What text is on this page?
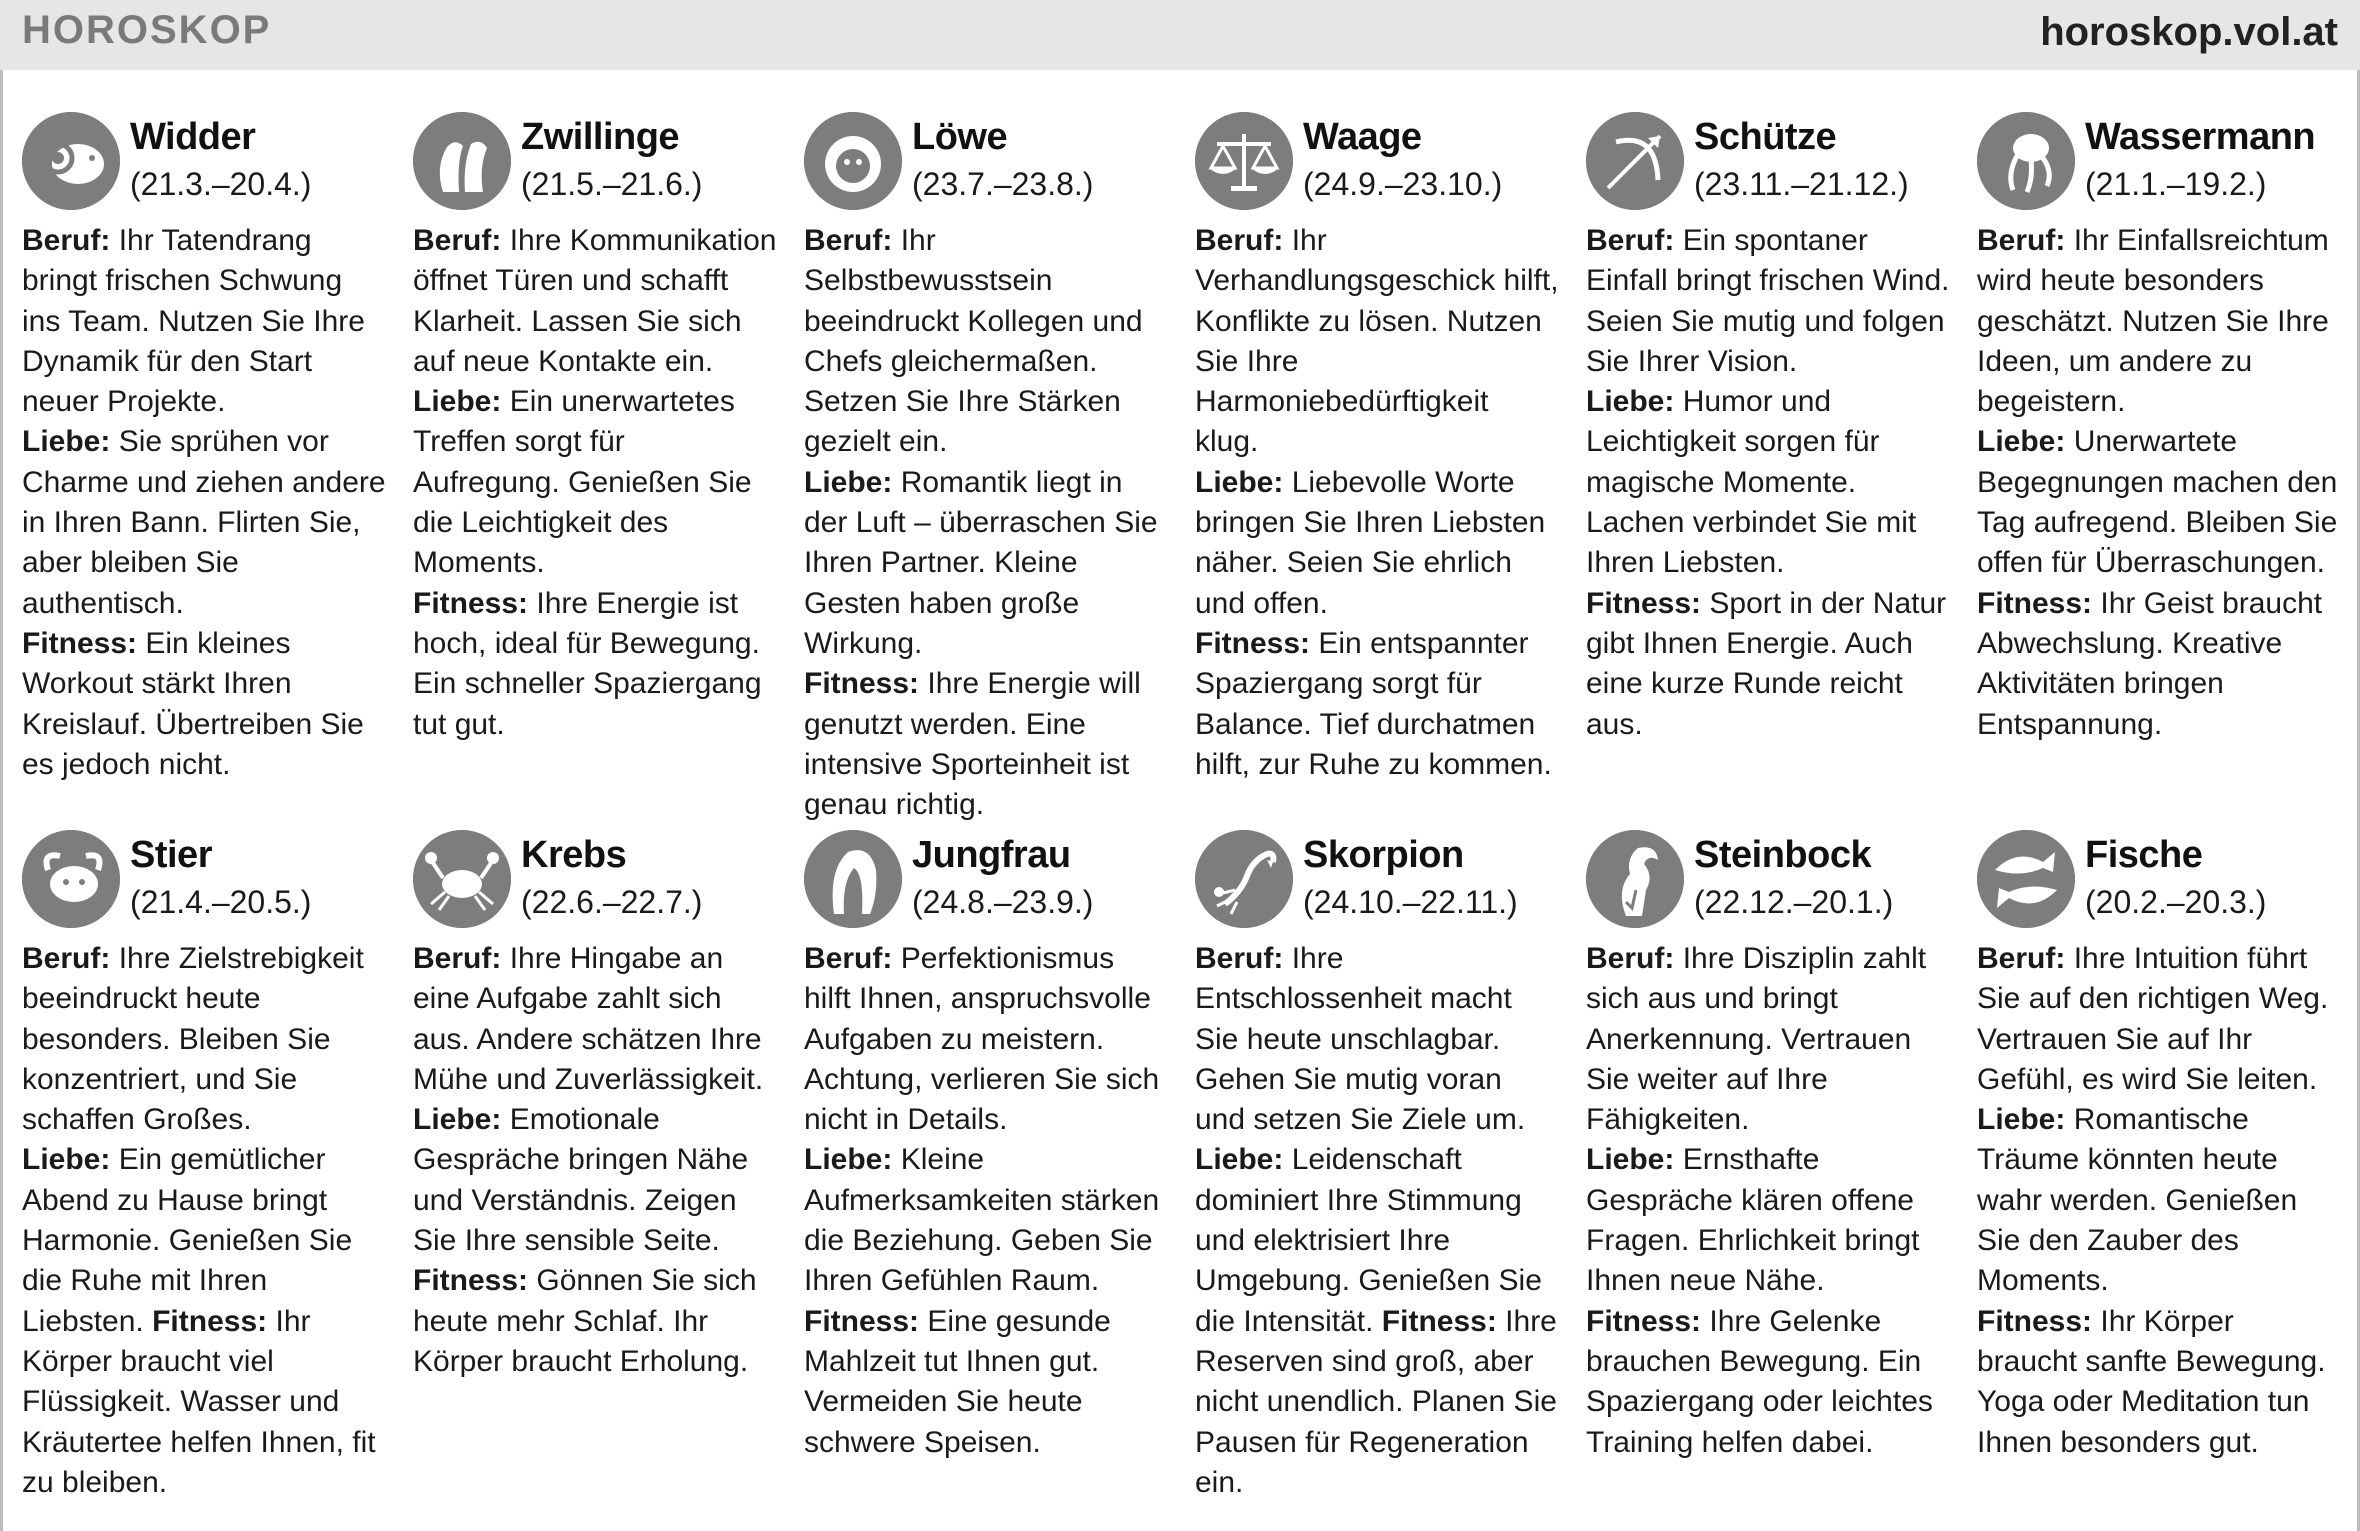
HOROSKOP	horoskop.vol.at
Widder
(21.3.–20.4.)

Beruf: Ihr Tatendrang bringt frischen Schwung ins Team. Nutzen Sie Ihre Dynamik für den Start neuer Projekte.

Liebe: Sie sprühen vor Charme und ziehen andere in Ihren Bann. Flirten Sie, aber bleiben Sie authentisch.

Fitness: Ein kleines Workout stärkt Ihren Kreislauf. Übertreiben Sie es jedoch nicht.

Zwillinge
(21.5.–21.6.)

Beruf: Ihre Kommunikation öffnet Türen und schafft Klarheit. Lassen Sie sich auf neue Kontakte ein.

Liebe: Ein unerwartetes Treffen sorgt für Aufregung. Genießen Sie die Leichtigkeit des Moments.

Fitness: Ihre Energie ist hoch, ideal für Bewegung. Ein schneller Spaziergang tut gut.

Löwe
(23.7.–23.8.)

Beruf: Ihr Selbstbewusstsein beeindruckt Kollegen und Chefs gleichermaßen. Setzen Sie Ihre Stärken gezielt ein.

Liebe: Romantik liegt in der Luft – überraschen Sie Ihren Partner. Kleine Gesten haben große Wirkung.

Fitness: Ihre Energie will genutzt werden. Eine intensive Sporteinheit ist genau richtig.

Waage
(24.9.–23.10.)

Beruf: Ihr Verhandlungsgeschick hilft, Konflikte zu lösen. Nutzen Sie Ihre Harmoniebedürftigkeit klug.

Liebe: Liebevolle Worte bringen Sie Ihren Liebsten näher. Seien Sie ehrlich und offen.

Fitness: Ein entspannter Spaziergang sorgt für Balance. Tief durchatmen hilft, zur Ruhe zu kommen.

Schütze
(23.11.–21.12.)

Beruf: Ein spontaner Einfall bringt frischen Wind. Seien Sie mutig und folgen Sie Ihrer Vision.

Liebe: Humor und Leichtigkeit sorgen für magische Momente. Lachen verbindet Sie mit Ihren Liebsten.

Fitness: Sport in der Natur gibt Ihnen Energie. Auch eine kurze Runde reicht aus.

Wassermann
(21.1.–19.2.)

Beruf: Ihr Einfallsreichtum wird heute besonders geschätzt. Nutzen Sie Ihre Ideen, um andere zu begeistern.

Liebe: Unerwartete Begegnungen machen den Tag aufregend. Bleiben Sie offen für Überraschungen.

Fitness: Ihr Geist braucht Abwechslung. Kreative Aktivitäten bringen Entspannung.

Stier
(21.4.–20.5.)

Beruf: Ihre Zielstrebigkeit beeindruckt heute besonders. Bleiben Sie konzentriert, und Sie schaffen Großes.

Liebe: Ein gemütlicher Abend zu Hause bringt Harmonie. Genießen Sie die Ruhe mit Ihren Liebsten. Fitness: Ihr Körper braucht viel Flüssigkeit. Wasser und Kräutertee helfen Ihnen, fit zu bleiben.

Krebs
(22.6.–22.7.)

Beruf: Ihre Hingabe an eine Aufgabe zahlt sich aus. Andere schätzen Ihre Mühe und Zuverlässigkeit.

Liebe: Emotionale Gespräche bringen Nähe und Verständnis. Zeigen Sie Ihre sensible Seite.

Fitness: Gönnen Sie sich heute mehr Schlaf. Ihr Körper braucht Erholung.

Jungfrau
(24.8.–23.9.)

Beruf: Perfektionismus hilft Ihnen, anspruchsvolle Aufgaben zu meistern. Achtung, verlieren Sie sich nicht in Details.

Liebe: Kleine Aufmerksamkeiten stärken die Beziehung. Geben Sie Ihren Gefühlen Raum.

Fitness: Eine gesunde Mahlzeit tut Ihnen gut. Vermeiden Sie heute schwere Speisen.

Skorpion
(24.10.–22.11.)

Beruf: Ihre Entschlossenheit macht Sie heute unschlagbar. Gehen Sie mutig voran und setzen Sie Ziele um. Liebe: Leidenschaft dominiert Ihre Stimmung und elektrisiert Ihre Umgebung. Genießen Sie die Intensität. Fitness: Ihre Reserven sind groß, aber nicht unendlich. Planen Sie Pausen für Regeneration ein.

Steinbock
(22.12.–20.1.)

Beruf: Ihre Disziplin zahlt sich aus und bringt Anerkennung. Vertrauen Sie weiter auf Ihre Fähigkeiten.

Liebe: Ernsthafte Gespräche klären offene Fragen. Ehrlichkeit bringt Ihnen neue Nähe.

Fitness: Ihre Gelenke brauchen Bewegung. Ein Spaziergang oder leichtes Training helfen dabei.

Fische
(20.2.–20.3.)

Beruf: Ihre Intuition führt Sie auf den richtigen Weg. Vertrauen Sie auf Ihr Gefühl, es wird Sie leiten. Liebe: Romantische Träume könnten heute wahr werden. Genießen Sie den Zauber des Moments.

Fitness: Ihr Körper braucht sanfte Bewegung. Yoga oder Meditation tun Ihnen besonders gut.
